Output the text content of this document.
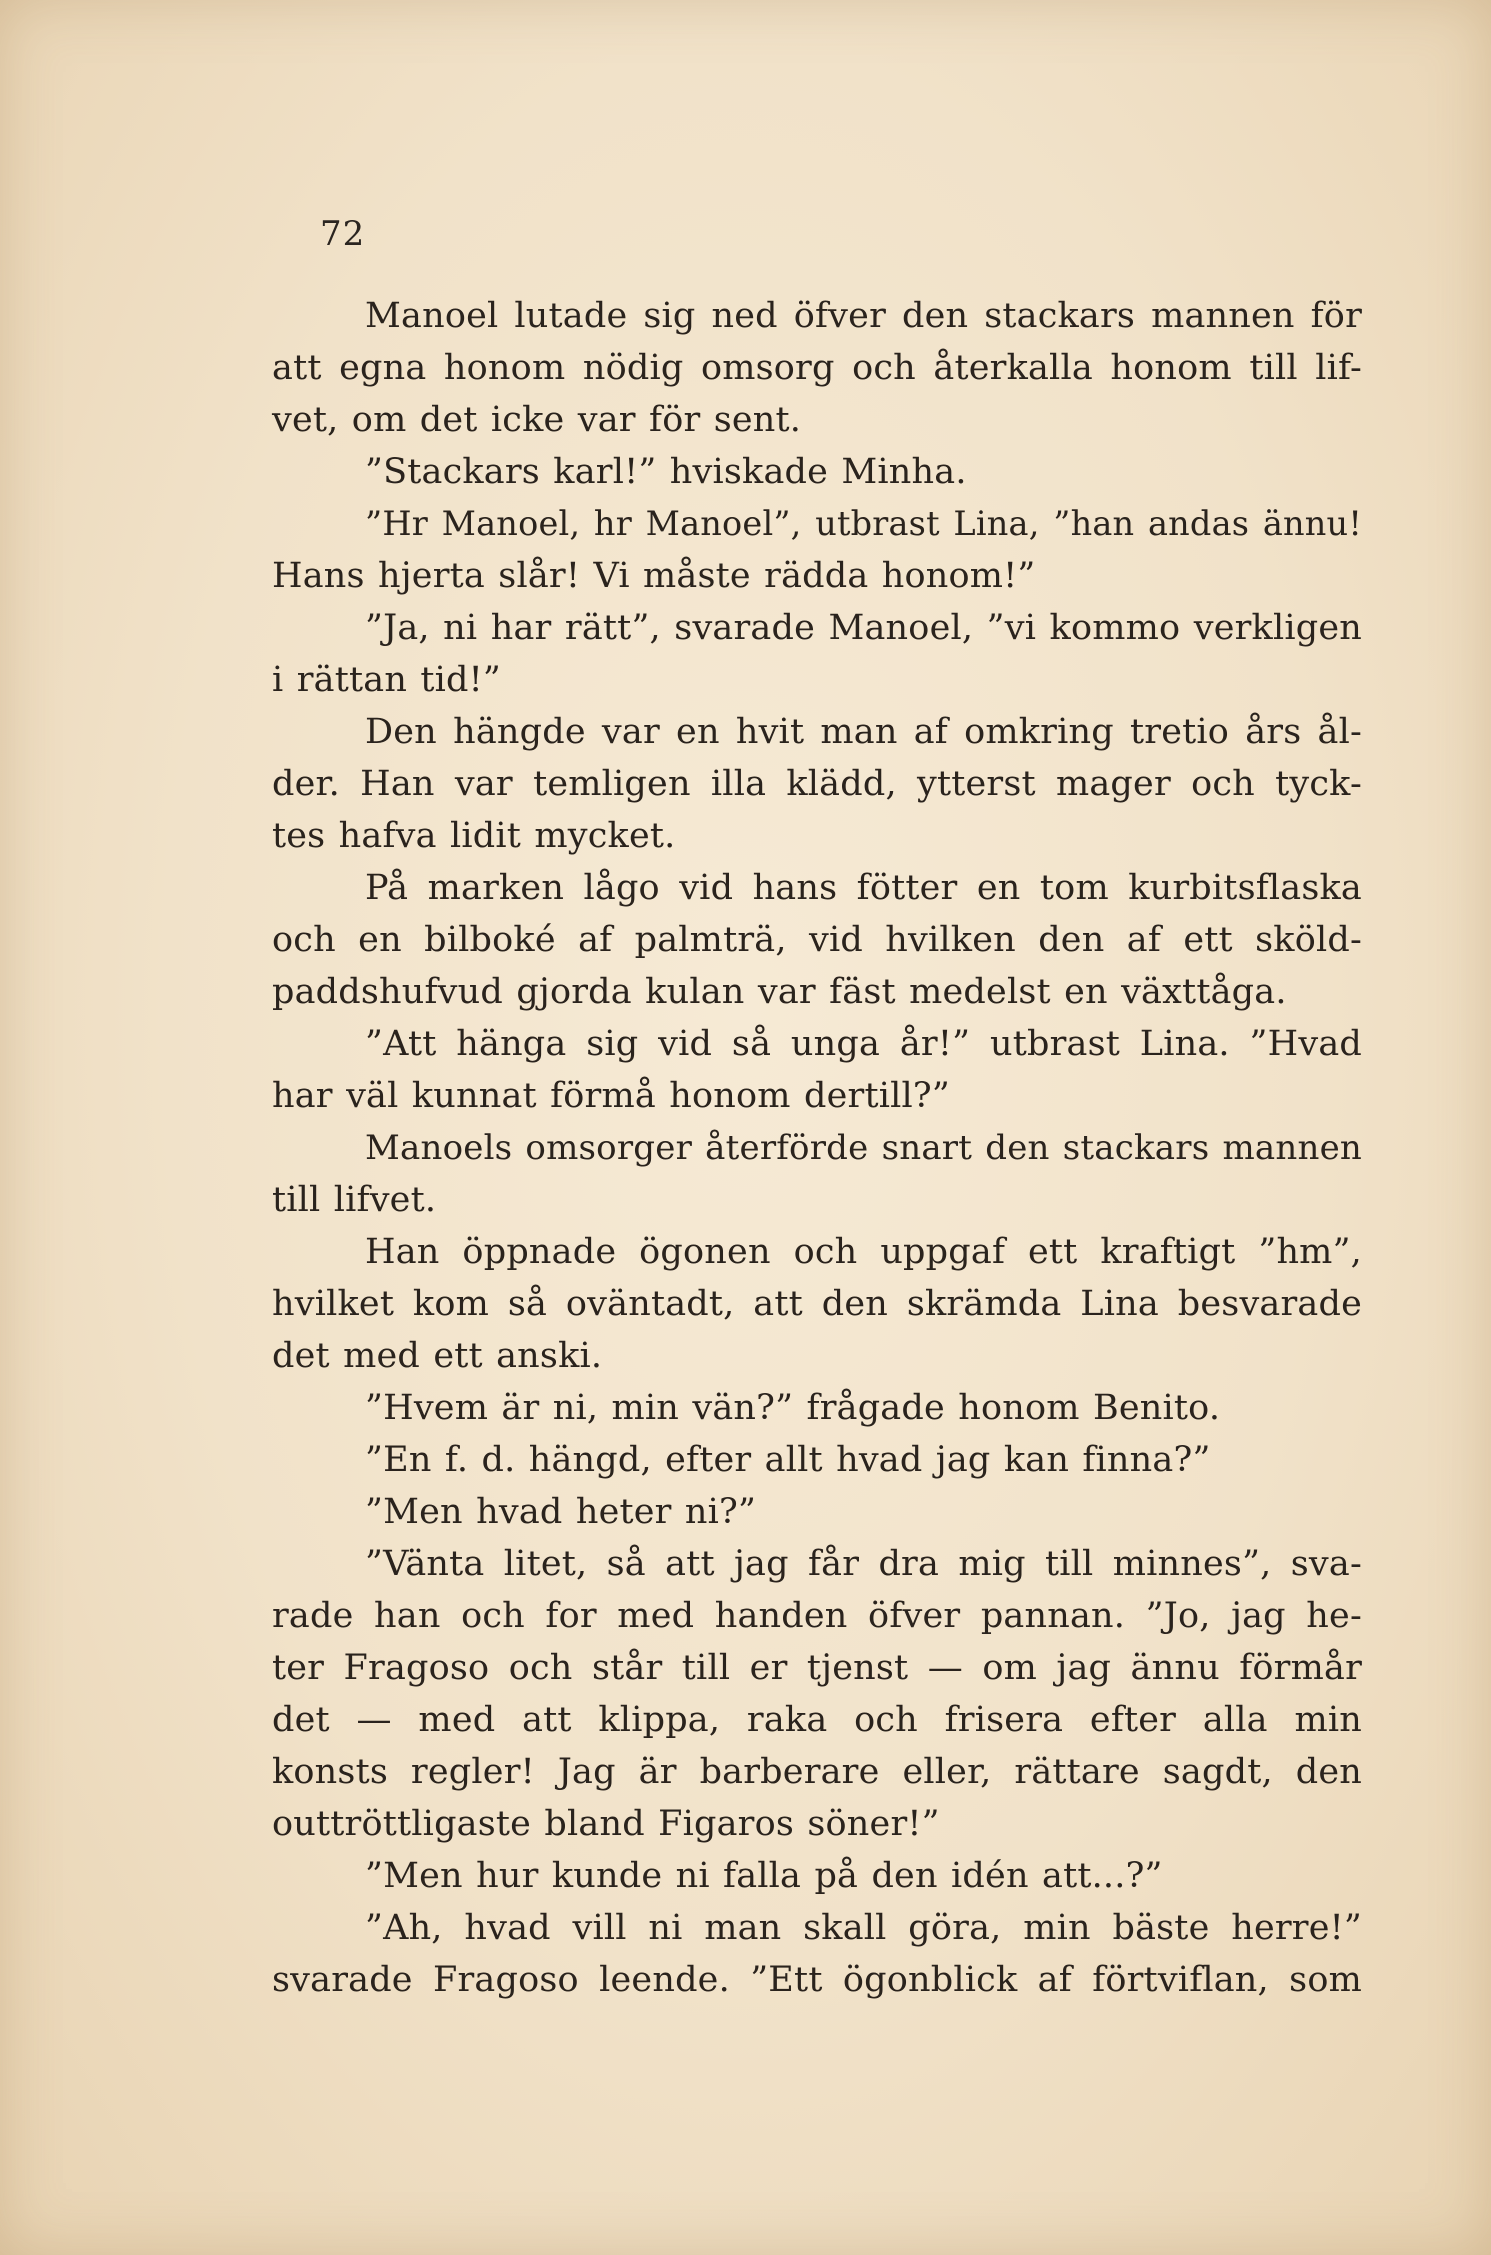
72
Manoel lutade sig ned öfver den stackars mannen för
att egna honom nödig omsorg och återkalla honom till lif-
vet, om det icke var för sent.
”Stackars karl!” hviskade Minha.
”Hr Manoel, hr Manoel”, utbrast Lina, ”han andas ännu!
Hans hjerta slår! Vi måste rädda honom!”
”Ja, ni har rätt”, svarade Manoel, ”vi kommo verkligen
i rättan tid!”
Den hängde var en hvit man af omkring tretio års ål-
der. Han var temligen illa klädd, ytterst mager och tyck-
tes hafva lidit mycket.
På marken lågo vid hans fötter en tom kurbitsflaska
och en bilboké af palmträ, vid hvilken den af ett sköld-
paddshufvud gjorda kulan var fäst medelst en växttåga.
”Att hänga sig vid så unga år!” utbrast Lina. ”Hvad
har väl kunnat förmå honom dertill?”
Manoels omsorger återförde snart den stackars mannen
till lifvet.
Han öppnade ögonen och uppgaf ett kraftigt ”hm”,
hvilket kom så oväntadt, att den skrämda Lina besvarade
det med ett anski.
”Hvem är ni, min vän?” frågade honom Benito.
”En f. d. hängd, efter allt hvad jag kan finna?”
”Men hvad heter ni?”
”Vänta litet, så att jag får dra mig till minnes”, sva-
rade han och for med handen öfver pannan. ”Jo, jag he-
ter Fragoso och står till er tjenst — om jag ännu förmår
det — med att klippa, raka och frisera efter alla min
konsts regler! Jag är barberare eller, rättare sagdt, den
outtröttligaste bland Figaros söner!”
”Men hur kunde ni falla på den idén att...?”
”Ah, hvad vill ni man skall göra, min bäste herre!”
svarade Fragoso leende. ”Ett ögonblick af förtviflan, som
